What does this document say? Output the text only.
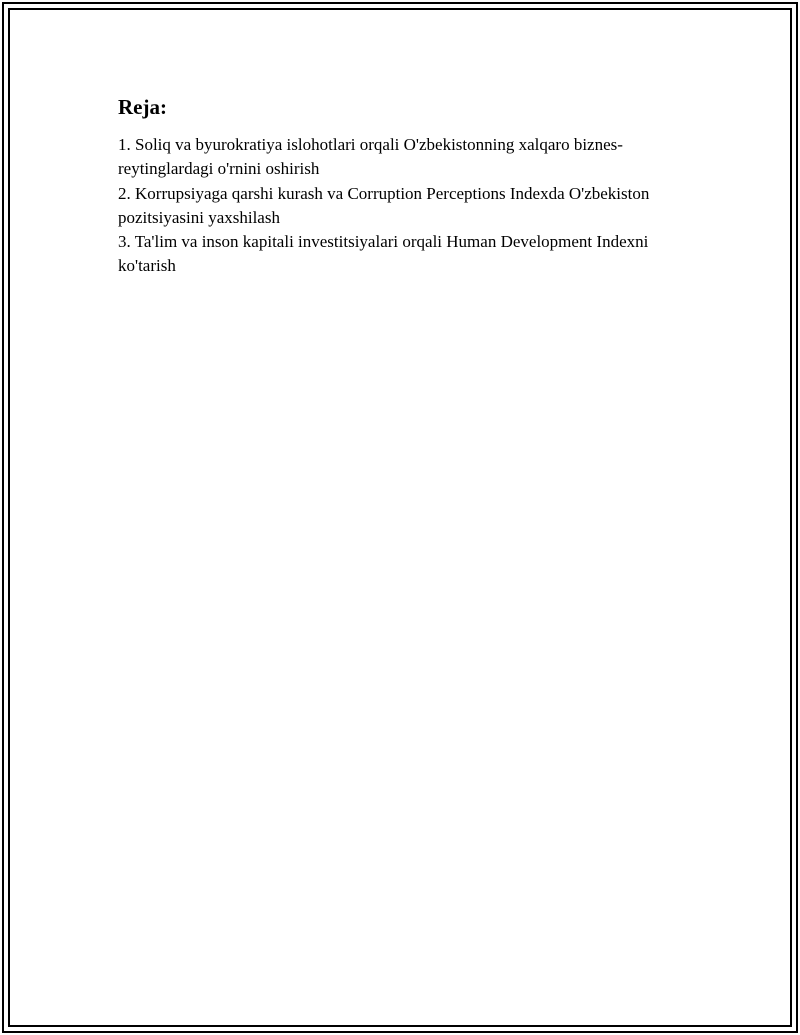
Reja:

1. Soliq va byurokratiya islohotlari orqali O'zbekistonning xalqaro biznes-reytinglardagi o'rnini oshirish

2. Korrupsiyaga qarshi kurash va Corruption Perceptions Indexda O'zbekiston pozitsiyasini yaxshilash

3. Ta'lim va inson kapitali investitsiyalari orqali Human Development Indexni ko'tarish
